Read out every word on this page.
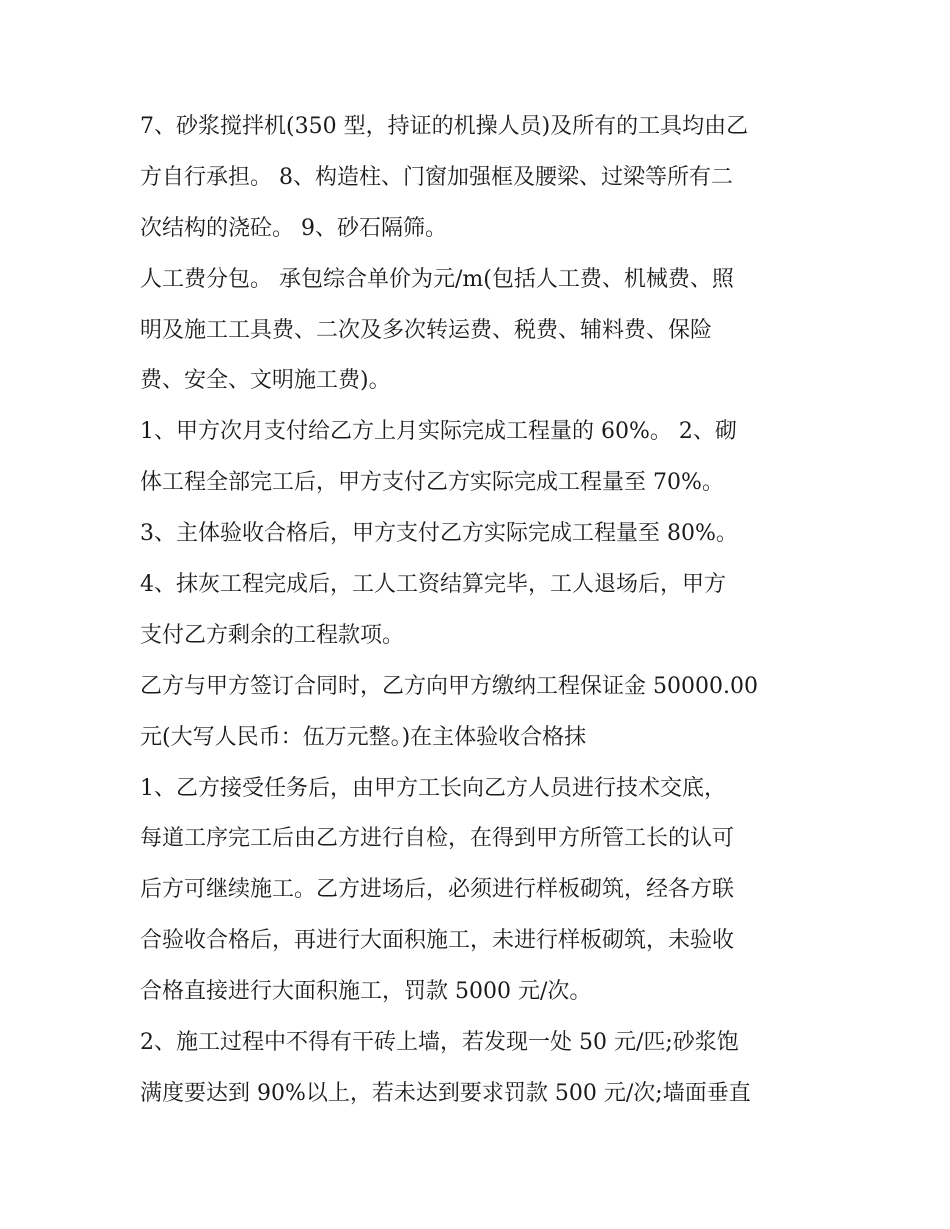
7、砂浆搅拌机(350 型，持证的机操人员)及所有的工具均由乙
方自行承担。 8、构造柱、门窗加强框及腰梁、过梁等所有二
次结构的浇砼。 9、砂石隔筛。
人工费分包。 承包综合单价为元/m(包括人工费、机械费、照
明及施工工具费、二次及多次转运费、税费、辅料费、保险
费、安全、文明施工费)。
1、甲方次月支付给乙方上月实际完成工程量的 60%。 2、砌
体工程全部完工后，甲方支付乙方实际完成工程量至 70%。
3、主体验收合格后，甲方支付乙方实际完成工程量至 80%。
4、抹灰工程完成后，工人工资结算完毕，工人退场后，甲方
支付乙方剩余的工程款项。
乙方与甲方签订合同时，乙方向甲方缴纳工程保证金 50000.00
元(大写人民币：伍万元整。)在主体验收合格抹
1、乙方接受任务后，由甲方工长向乙方人员进行技术交底，
每道工序完工后由乙方进行自检，在得到甲方所管工长的认可
后方可继续施工。乙方进场后，必须进行样板砌筑，经各方联
合验收合格后，再进行大面积施工，未进行样板砌筑，未验收
合格直接进行大面积施工，罚款 5000 元/次。
2、施工过程中不得有干砖上墙，若发现一处 50 元/匹;砂浆饱
满度要达到 90%以上，若未达到要求罚款 500 元/次;墙面垂直
